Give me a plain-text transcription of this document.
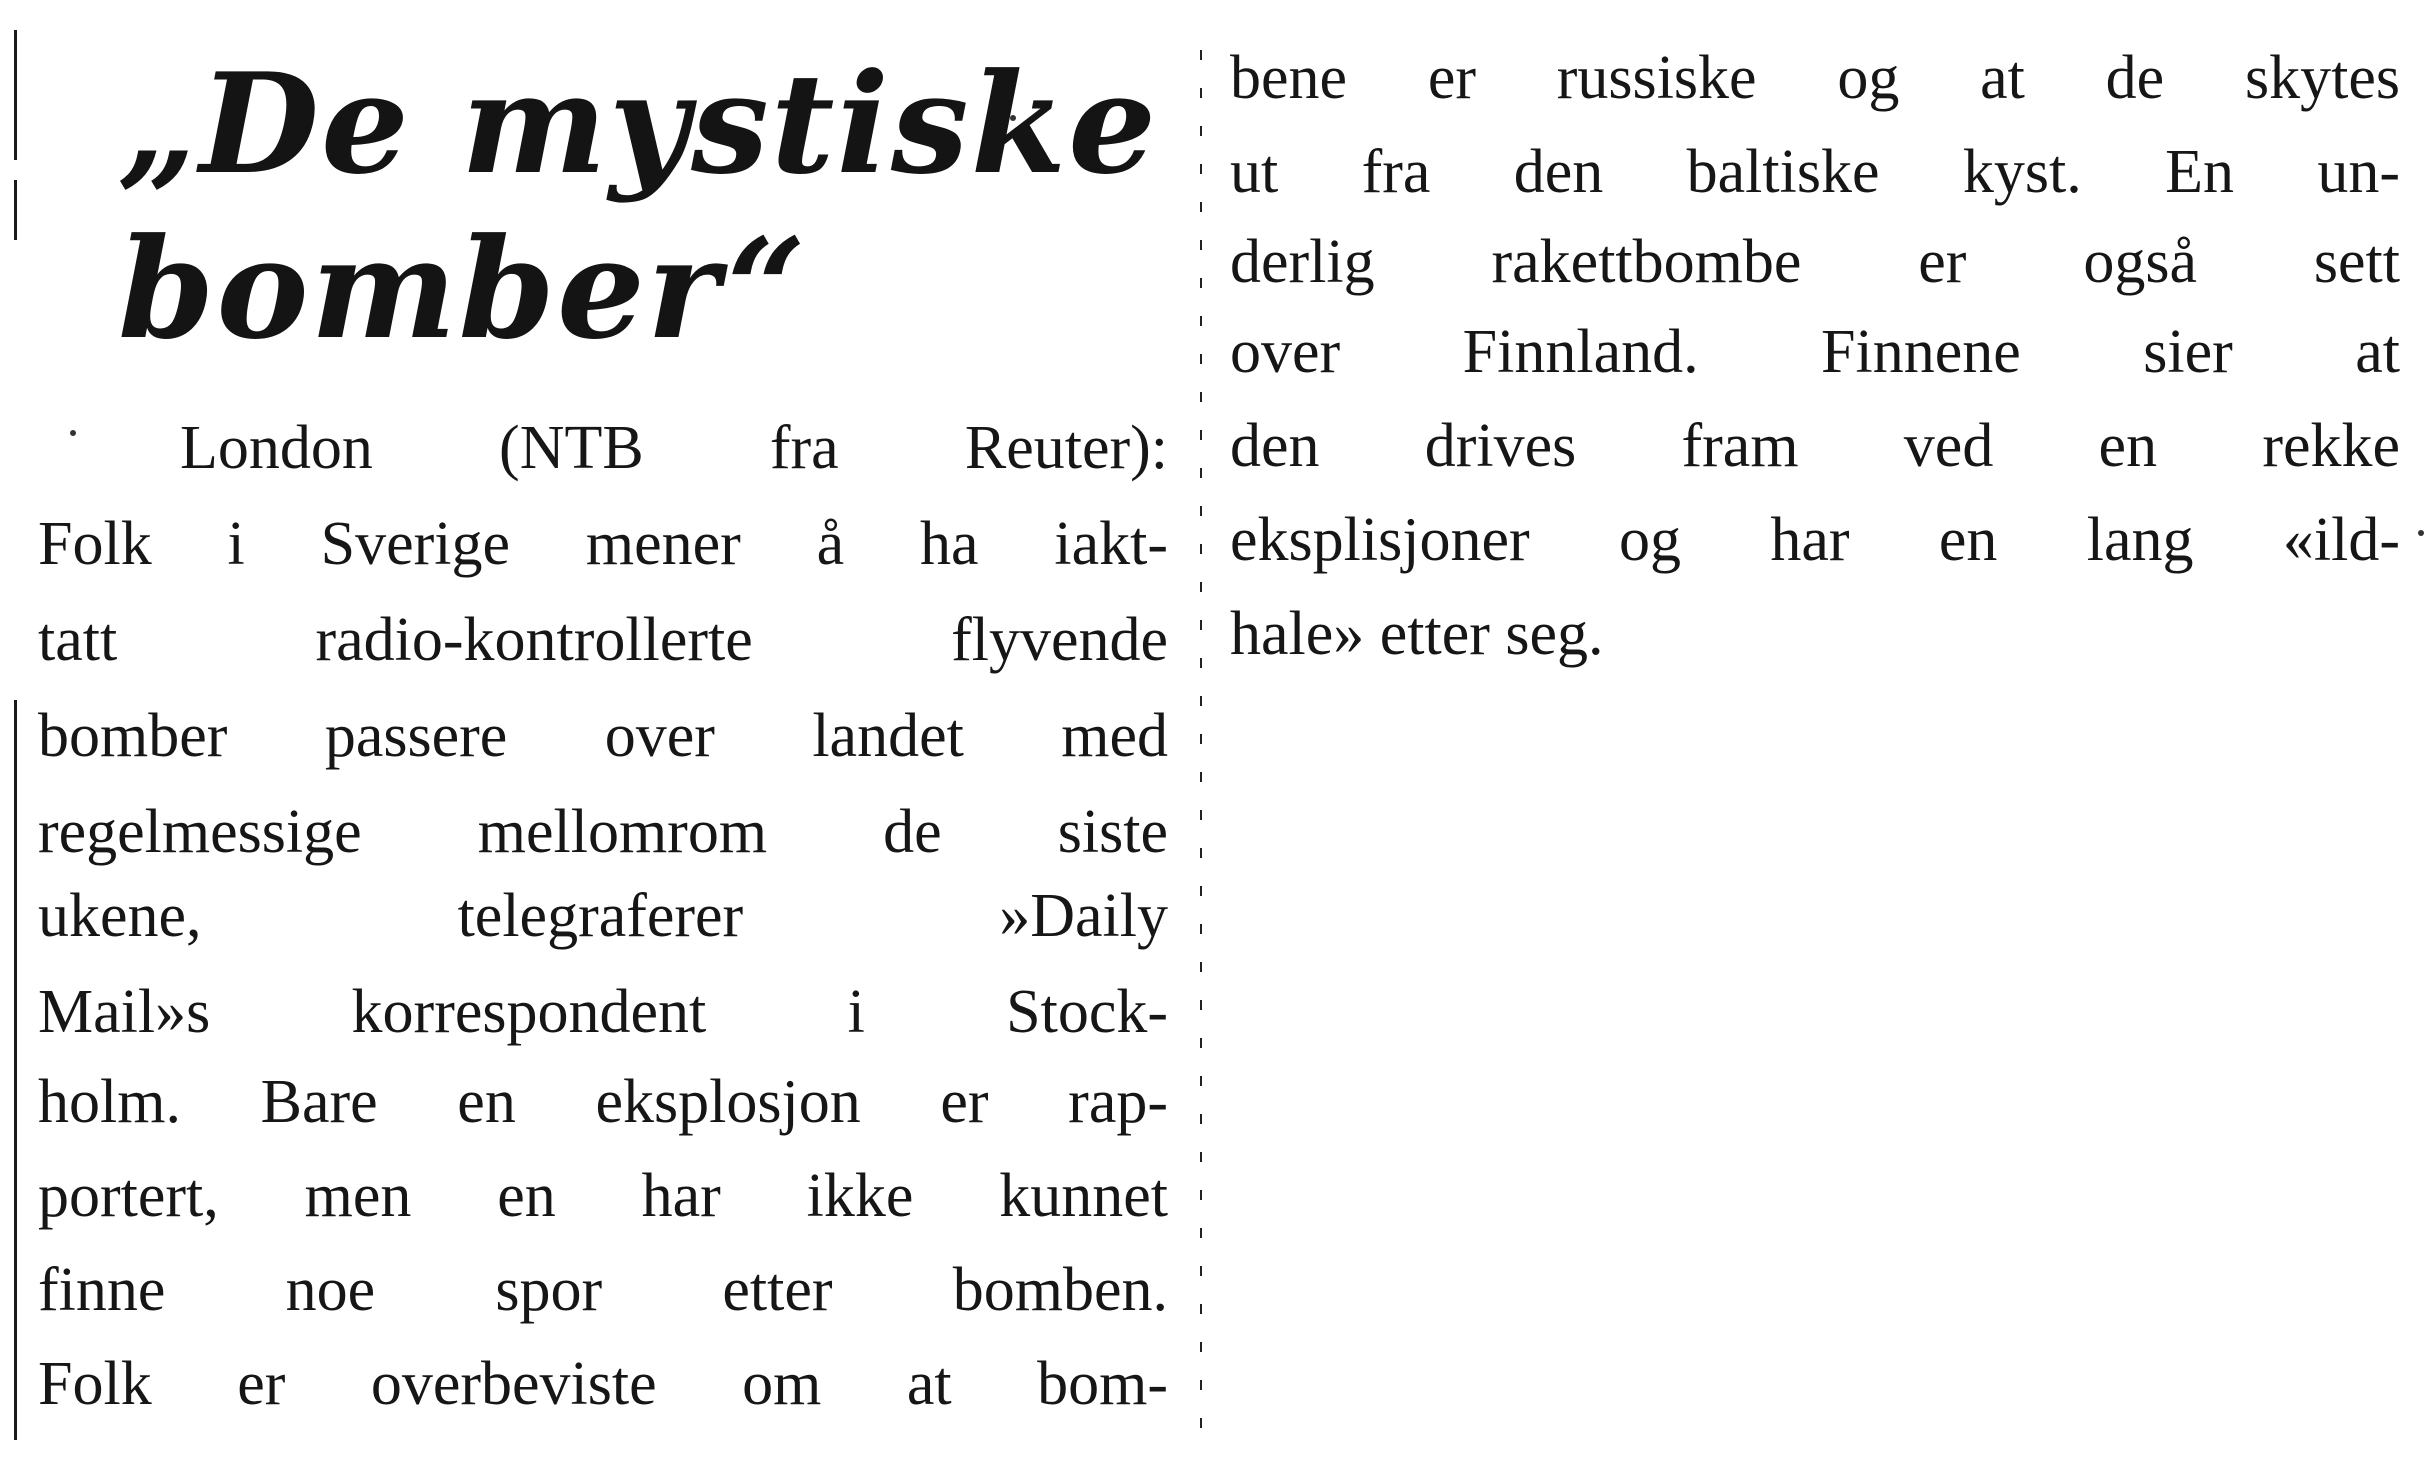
„De mystiske
bomber“
London (NTB fra Reuter):
Folk i Sverige mener å ha iakt-
tatt radio-kontrollerte flyvende
bomber passere over landet med
regelmessige mellomrom de siste
ukene, telegraferer »Daily
Mail»s korrespondent i Stock-
holm. Bare en eksplosjon er rap-
portert, men en har ikke kunnet
finne noe spor etter bomben.
Folk er overbeviste om at bom-
bene er russiske og at de skytes
ut fra den baltiske kyst. En un-
derlig rakettbombe er også sett
over Finnland. Finnene sier at
den drives fram ved en rekke
eksplisjoner og har en lang «ild-
hale» etter seg.
